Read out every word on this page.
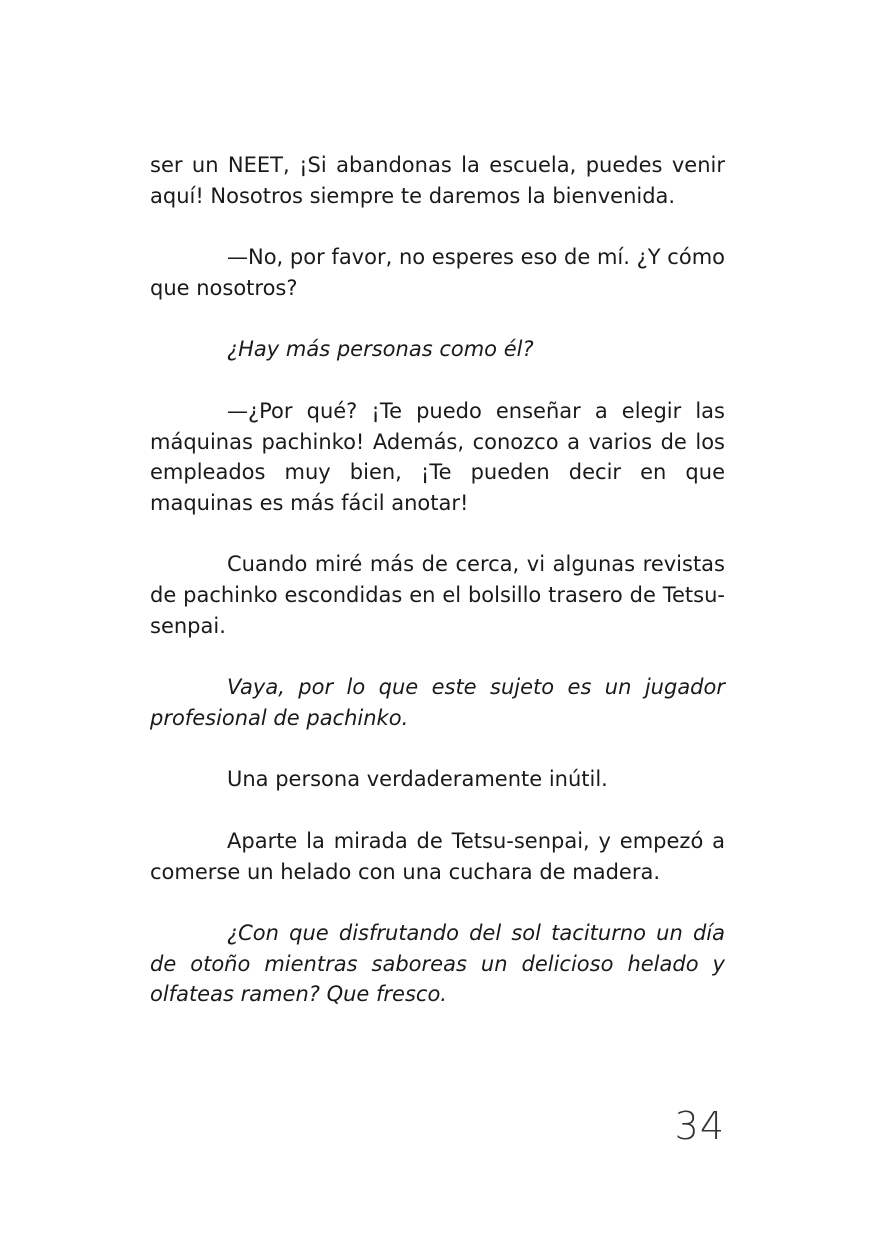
ser un NEET, ¡Si abandonas la escuela, puedes venir aquí! Nosotros siempre te daremos la bienvenida.

—No, por favor, no esperes eso de mí. ¿Y cómo que nosotros?

¿Hay más personas como él?

—¿Por qué? ¡Te puedo enseñar a elegir las máquinas pachinko! Además, conozco a varios de los empleados muy bien, ¡Te pueden decir en que maquinas es más fácil anotar!

Cuando miré más de cerca, vi algunas revistas de pachinko escondidas en el bolsillo trasero de Tetsu-senpai.

Vaya, por lo que este sujeto es un jugador profesional de pachinko.

Una persona verdaderamente inútil.

Aparte la mirada de Tetsu-senpai, y empezó a comerse un helado con una cuchara de madera.

¿Con que disfrutando del sol taciturno un día de otoño mientras saboreas un delicioso helado y olfateas ramen? Que fresco.

34
